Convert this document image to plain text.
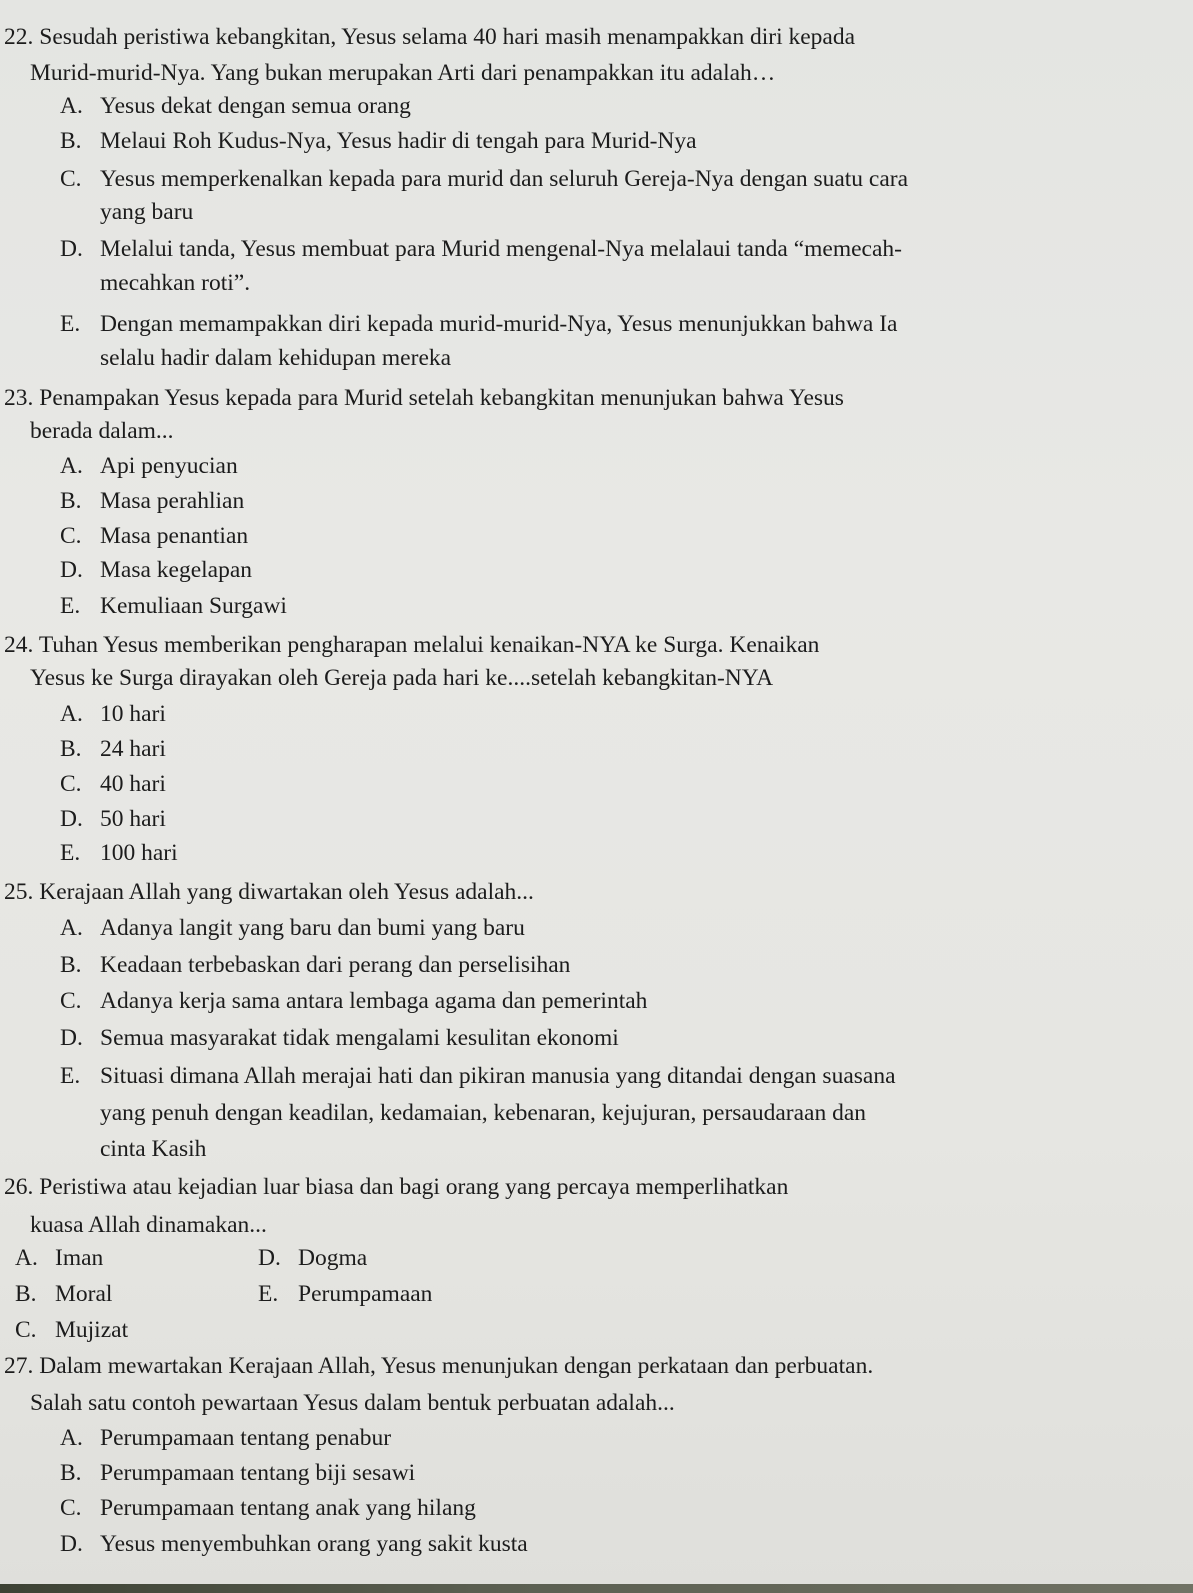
22. Sesudah peristiwa kebangkitan, Yesus selama 40 hari masih menampakkan diri kepada
Murid-murid-Nya. Yang bukan merupakan Arti dari penampakkan itu adalah…
A. Yesus dekat dengan semua orang
B. Melaui Roh Kudus-Nya, Yesus hadir di tengah para Murid-Nya
C. Yesus memperkenalkan kepada para murid dan seluruh Gereja-Nya dengan suatu cara
yang baru
D. Melalui tanda, Yesus membuat para Murid mengenal-Nya melalaui tanda “memecah-
mecahkan roti”.
E. Dengan memampakkan diri kepada murid-murid-Nya, Yesus menunjukkan bahwa Ia
selalu hadir dalam kehidupan mereka
23. Penampakan Yesus kepada para Murid setelah kebangkitan menunjukan bahwa Yesus
berada dalam...
A. Api penyucian
B. Masa perahlian
C. Masa penantian
D. Masa kegelapan
E. Kemuliaan Surgawi
24. Tuhan Yesus memberikan pengharapan melalui kenaikan-NYA ke Surga. Kenaikan
Yesus ke Surga dirayakan oleh Gereja pada hari ke....setelah kebangkitan-NYA
A. 10 hari
B. 24 hari
C. 40 hari
D. 50 hari
E. 100 hari
25. Kerajaan Allah yang diwartakan oleh Yesus adalah...
A. Adanya langit yang baru dan bumi yang baru
B. Keadaan terbebaskan dari perang dan perselisihan
C. Adanya kerja sama antara lembaga agama dan pemerintah
D. Semua masyarakat tidak mengalami kesulitan ekonomi
E. Situasi dimana Allah merajai hati dan pikiran manusia yang ditandai dengan suasana
yang penuh dengan keadilan, kedamaian, kebenaran, kejujuran, persaudaraan dan
cinta Kasih
26. Peristiwa atau kejadian luar biasa dan bagi orang yang percaya memperlihatkan
kuasa Allah dinamakan...
A. Iman	D. Dogma
B. Moral	E. Perumpamaan
C. Mujizat
27. Dalam mewartakan Kerajaan Allah, Yesus menunjukan dengan perkataan dan perbuatan.
Salah satu contoh pewartaan Yesus dalam bentuk perbuatan adalah...
A. Perumpamaan tentang penabur
B. Perumpamaan tentang biji sesawi
C. Perumpamaan tentang anak yang hilang
D. Yesus menyembuhkan orang yang sakit kusta
